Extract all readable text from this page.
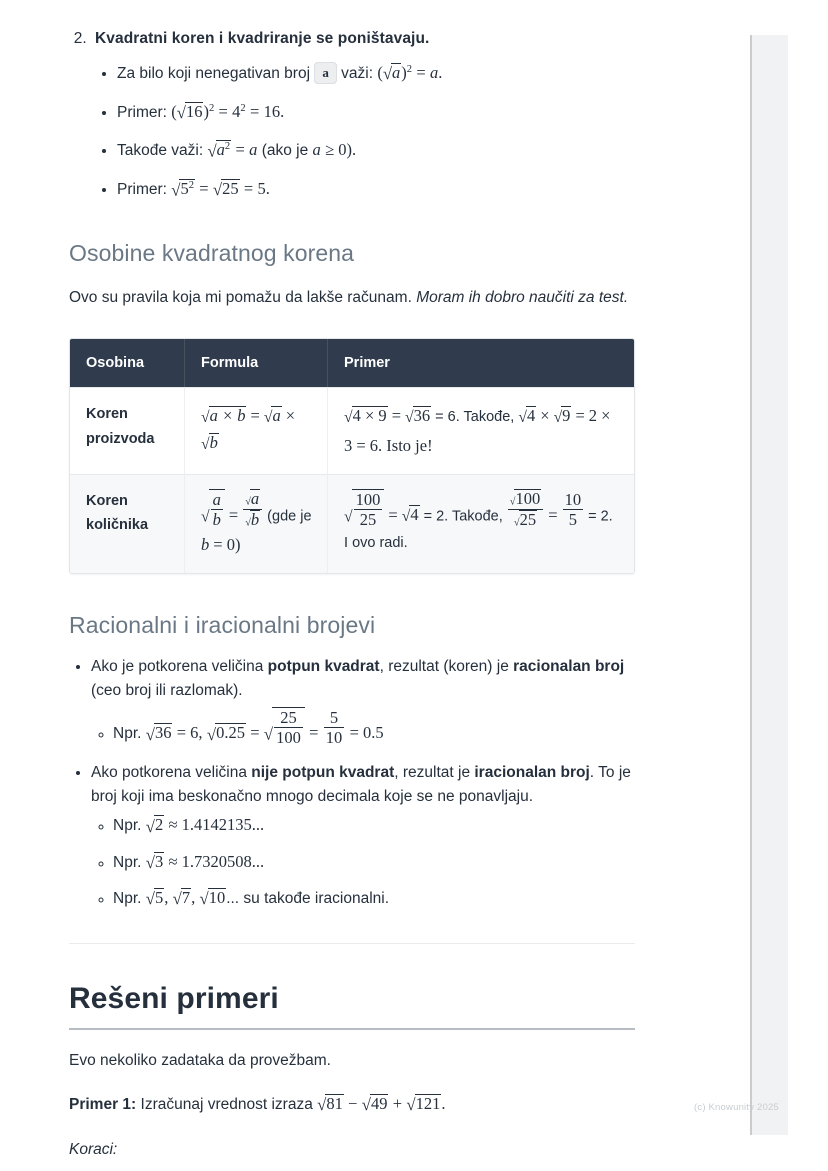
2. Kvadratni koren i kvadriranje se poništavaju.
• Za bilo koji nenegativan broj a važi: $(√a)^2 = a$.
• Primer: $(√16)^2 = 4^2 = 16$.
• Takođe važi: $√a^2 = a$ (ako je a ≥ 0).
• Primer: $√5^2 = √25 = 5$.
Osobine kvadratnog korena

Ovo su pravila koja mi pomažu da lakše računam. Moram ih dobro naučiti za test.

Osobina	Formula	Primer
Koren proizvoda	√a × b = √a × √b	√4 × 9 = √36 = 6. Takođe, √4 × √9 = 2 × 3 = 6. Isto je!
Koren količnika	√ $\frac{a}{b} = \frac{√a}{√b} (gde$ je b = 0)	√ $\frac{100}{25} = √4 = 2$. Takođe, $\frac{√100}{√25} = \frac{10}{5} = 2$. I ovo radi.
Racionalni i iracionalni brojevi
• Ako je potkorena veličina potpun kvadrat, rezultat (koren) je racionalan broj (ceo broj ili razlomak).
◦ Npr. √36 = 6, √0.25 = √ $\frac{25}{100} = \frac{5}{10} = 0.5$
• Ako potkorena veličina nije potpun kvadrat, rezultat je iracionalan broj. To je broj koji ima beskonačno mnogo decimala koje se ne ponavljaju.
◦ Npr. √2 ≈ 1.4142135...
◦ Npr. √3 ≈ 1.7320508...
◦ Npr. √5, √7, √10... su takođe iracionalni.
Rešeni primeri

Evo nekoliko zadataka da provežbam.

Primer 1: Izračunaj vrednost izraza √81 − √49 + √121.

Koraci:

(c) Knowunity 2025
